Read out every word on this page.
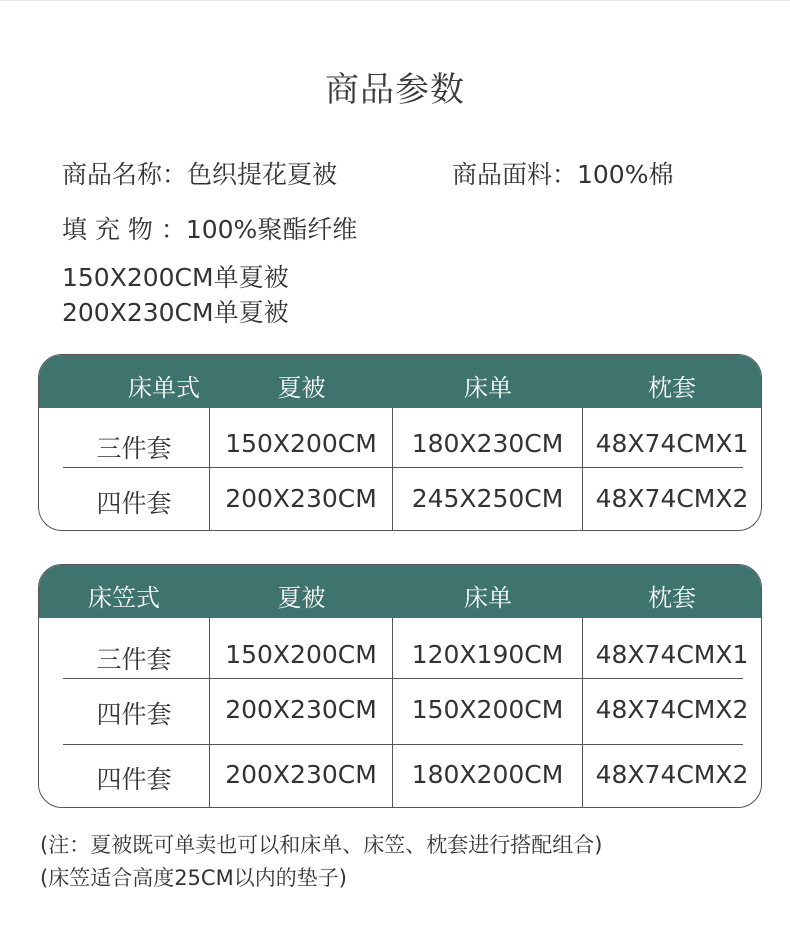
商品参数
商品名称：色织提花夏被	商品面料：100%棉
填 充 物 ：100%聚酯纤维
150X200CM单夏被
200X230CM单夏被
床单式	夏被	床单	枕套
三件套	150X200CM	180X230CM	48X74CMX1
四件套	200X230CM	245X250CM	48X74CMX2
床笠式	夏被	床单	枕套
三件套	150X200CM	120X190CM	48X74CMX1
四件套	200X230CM	150X200CM	48X74CMX2
四件套	200X230CM	180X200CM	48X74CMX2
(注：夏被既可单卖也可以和床单、床笠、枕套进行搭配组合)
(床笠适合高度25CM以内的垫子)
